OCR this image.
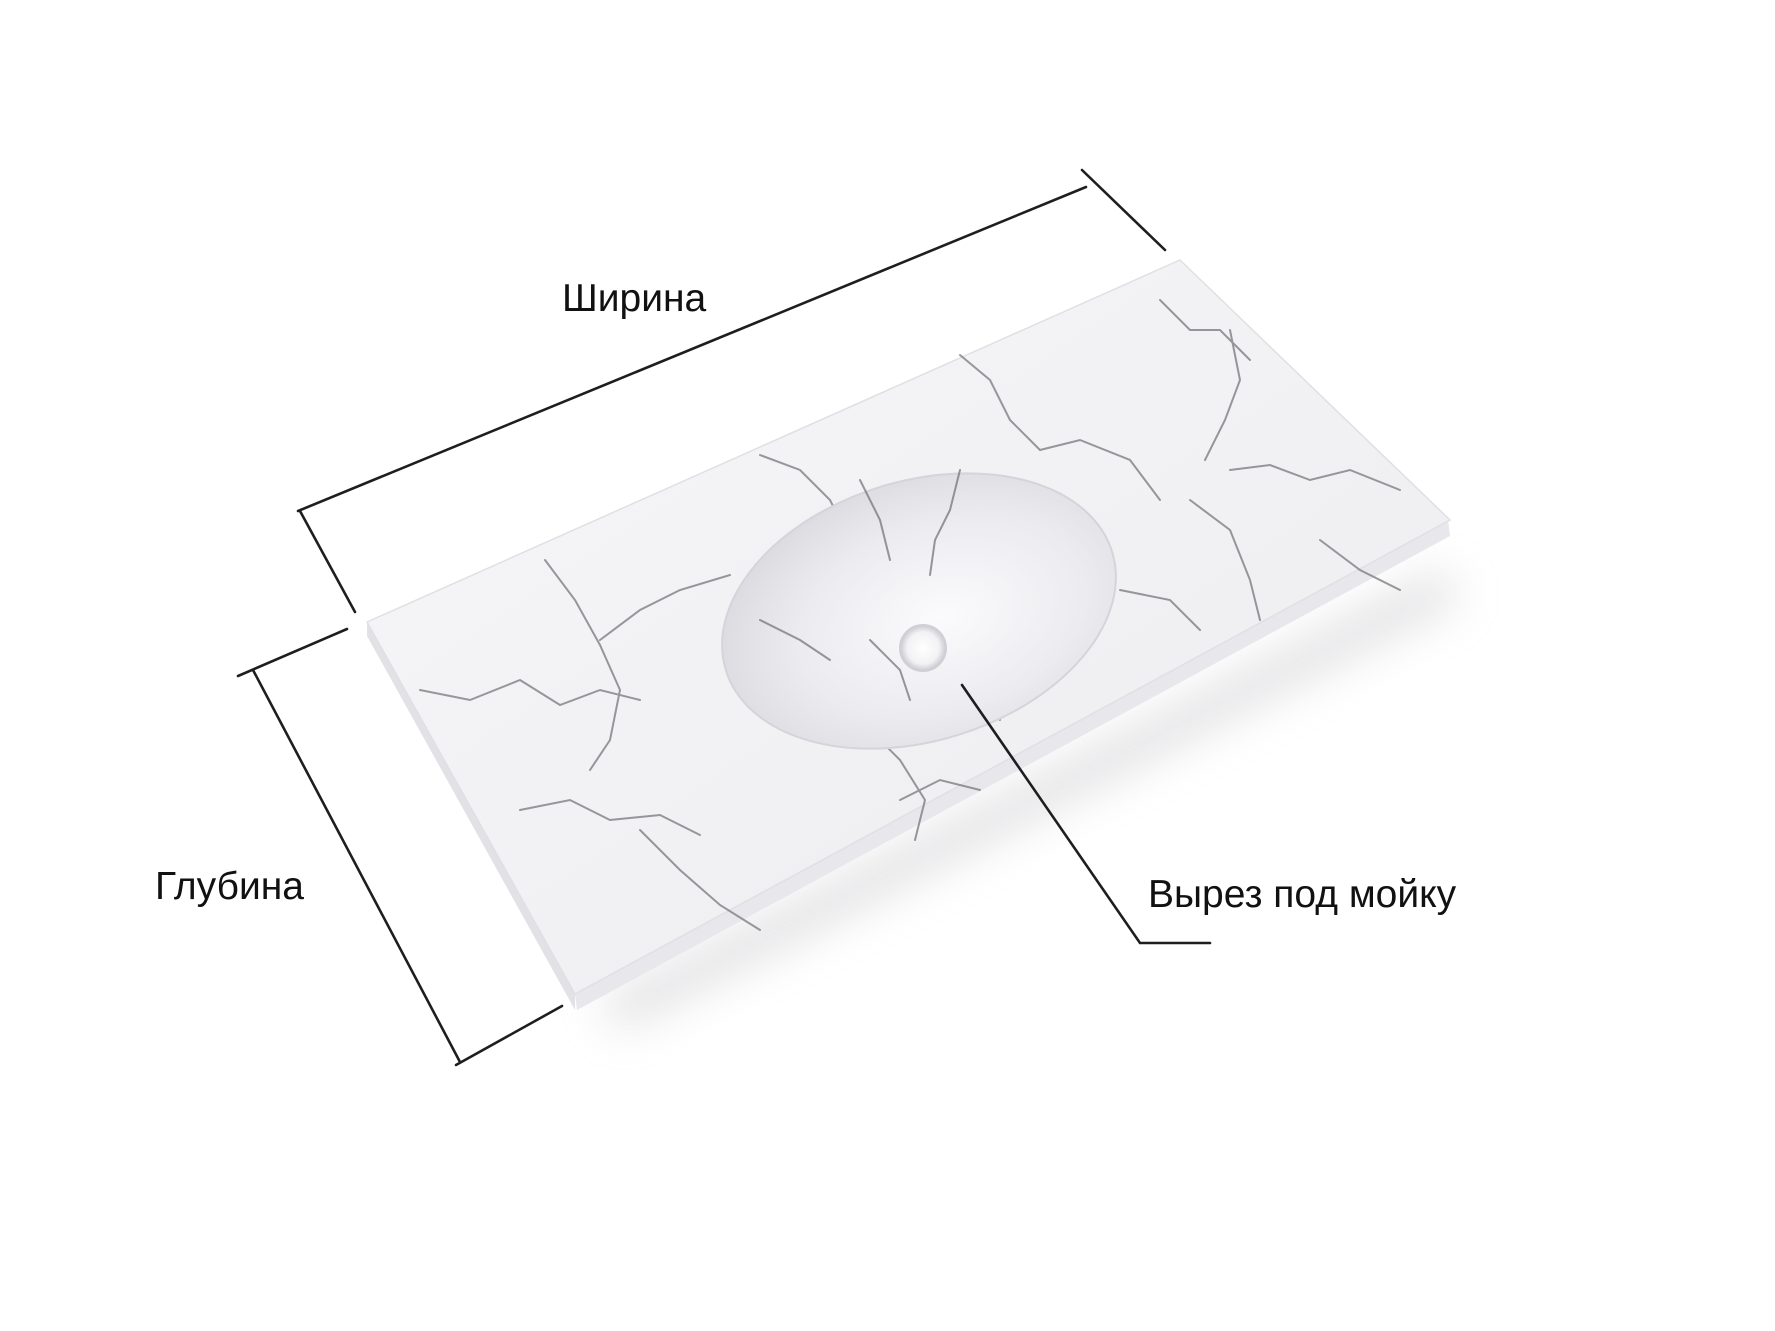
Ширина
Глубина	Вырез под мойку
